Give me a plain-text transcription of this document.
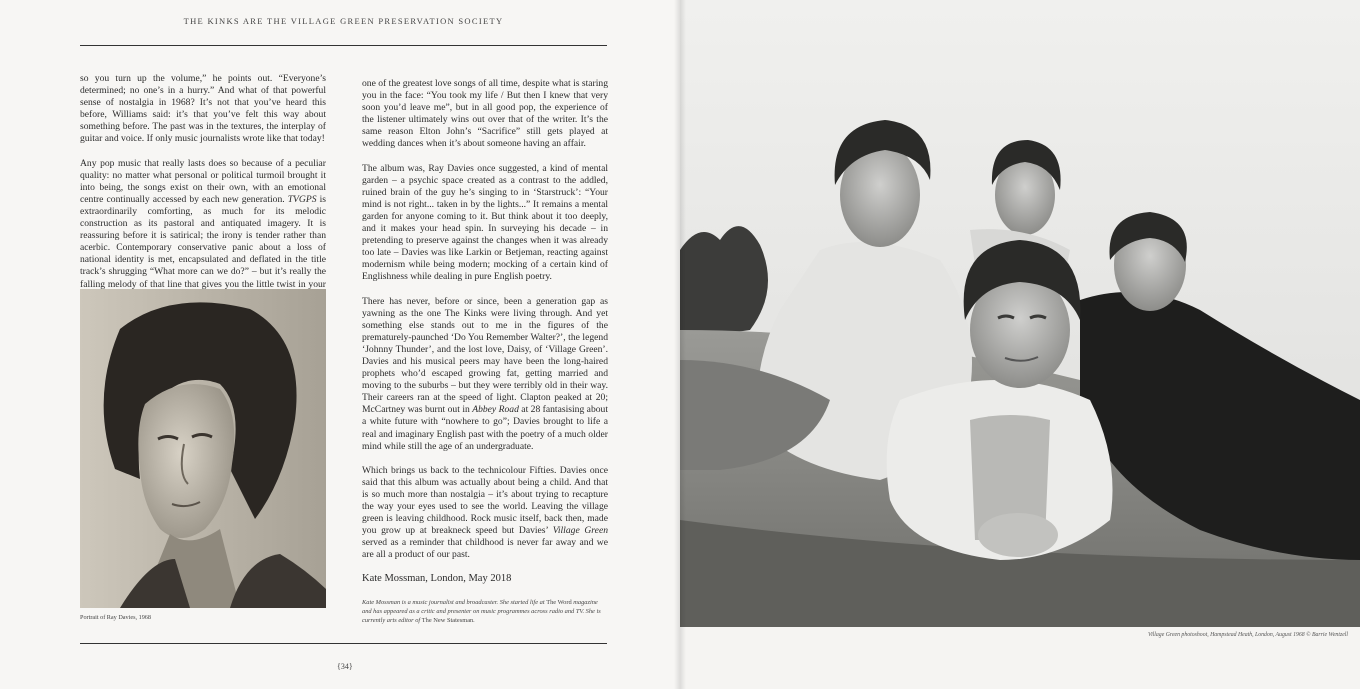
THE KINKS ARE THE VILLAGE GREEN PRESERVATION SOCIETY

so you turn up the volume,” he points out. “Everyone’s determined; no one’s in a hurry.” And what of that powerful sense of nostalgia in 1968? It’s not that you’ve heard this before, Williams said: it’s that you’ve felt this way about something before. The past was in the textures, the interplay of guitar and voice. If only music journalists wrote like that today!

Any pop music that really lasts does so because of a peculiar quality: no matter what personal or political turmoil brought it into being, the songs exist on their own, with an emotional centre continually accessed by each new generation. TVGPS is extraordinarily comforting, as much for its melodic construction as its pastoral and antiquated imagery. It is reassuring before it is satirical; the irony is tender rather than acerbic. Contemporary conservative panic about a loss of national identity is met, encapsulated and deflated in the title track’s shrugging “What more can we do?” – but it’s really the falling melody of that line that gives you the little twist in your

one of the greatest love songs of all time, despite what is staring you in the face: “You took my life / But then I knew that very soon you’d leave me”, but in all good pop, the experience of the listener ultimately wins out over that of the writer. It’s the same reason Elton John’s “Sacrifice” still gets played at wedding dances when it’s about someone having an affair.

The album was, Ray Davies once suggested, a kind of mental garden – a psychic space created as a contrast to the addled, ruined brain of the guy he’s singing to in ‘Starstruck’: “Your mind is not right... taken in by the lights...” It remains a mental garden for anyone coming to it. But think about it too deeply, and it makes your head spin. In surveying his decade – in pretending to preserve against the changes when it was already too late – Davies was like Larkin or Betjeman, reacting against modernism while being modern; mocking of a certain kind of Englishness while dealing in pure English poetry.

There has never, before or since, been a generation gap as yawning as the one The Kinks were living through. And yet something else stands out to me in the figures of the prematurely-paunched ‘Do You Remember Walter?’, the legend ‘Johnny Thunder’, and the lost love, Daisy, of ‘Village Green’. Davies and his musical peers may have been the long-haired prophets who’d escaped growing fat, getting married and moving to the suburbs – but they were terribly old in their way. Their careers ran at the speed of light. Clapton peaked at 20; McCartney was burnt out in Abbey Road at 28 fantasising about a white future with “nowhere to go”; Davies brought to life a real and imaginary English past with the poetry of a much older mind while still the age of an undergraduate.

Which brings us back to the technicolour Fifties. Davies once said that this album was actually about being a child. And that is so much more than nostalgia – it’s about trying to recapture the way your eyes used to see the world. Leaving the village green is leaving childhood. Rock music itself, back then, made you grow up at breakneck speed but Davies’ Village Green served as a reminder that childhood is never far away and we are all a product of our past.

Kate Mossman, London, May 2018

Kate Mossman is a music journalist and broadcaster. She started life at The Word magazine and has appeared as a critic and presenter on music programmes across radio and TV. She is currently arts editor of The New Statesman.

Portrait of Ray Davies, 1968
{34}
Village Green photoshoot, Hampstead Heath, London, August 1968 © Barrie Wentzell
